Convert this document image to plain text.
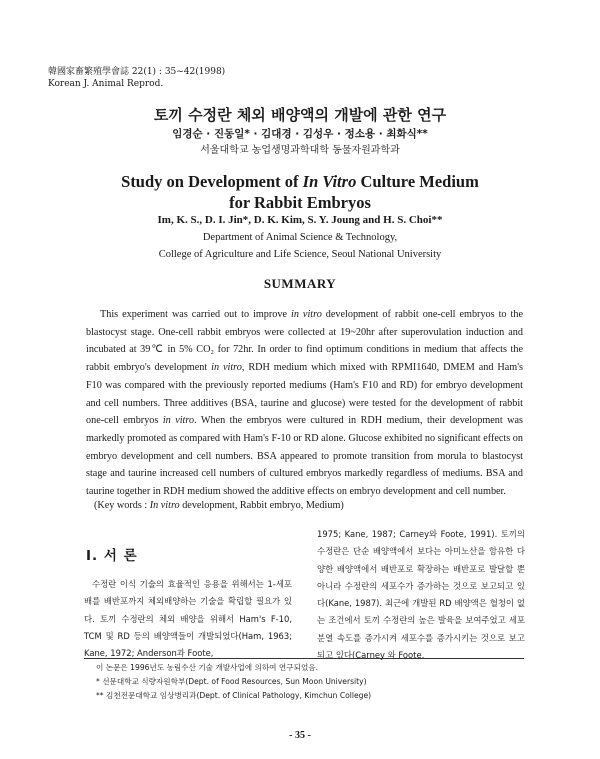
韓國家畜繁殖學會誌 22(1) : 35~42(1998)
Korean J. Animal Reprod.
토끼 수정란 체외 배양액의 개발에 관한 연구
임경순 · 진동일* · 김대경 · 김성우 · 정소용 · 최화식**
서울대학교 농업생명과학대학 동물자원과학과
Study on Development of In Vitro Culture Medium
for Rabbit Embryos
Im, K. S., D. I. Jin*, D. K. Kim, S. Y. Joung and H. S. Choi**
Department of Animal Science & Technology,
College of Agriculture and Life Science, Seoul National University
SUMMARY

This experiment was carried out to improve in vitro development of rabbit one-cell embryos to the blastocyst stage. One-cell rabbit embryos were collected at 19~20hr after superovulation induction and incubated at 39℃ in 5% CO₂ for 72hr. In order to find optimum conditions in medium that affects the rabbit embryo's development in vitro, RDH medium which mixed with RPMI1640, DMEM and Ham's F10 was compared with the previously reported mediums (Ham's F10 and RD) for embryo development and cell numbers. Three additives (BSA, taurine and glucose) were tested for the development of rabbit one-cell embryos in vitro. When the embryos were cultured in RDH medium, their development was markedly promoted as compared with Ham's F-10 or RD alone. Glucose exhibited no significant effects on embryo development and cell numbers. BSA appeared to promote transition from morula to blastocyst stage and taurine increased cell numbers of cultured embryos markedly regardless of mediums. BSA and taurine together in RDH medium showed the additive effects on embryo development and cell number.

(Key words : In vitro development, Rabbit embryo, Medium)
I. 서 론

수정란 이식 기술의 효율적인 응용을 위해서는 1-세포배를 배반포까지 체외배양하는 기술을 확립할 필요가 있다. 토끼 수정란의 체외 배양을 위해서 Ham's F-10, TCM 및 RD 등의 배양액들이 개발되었다(Ham, 1963; Kane, 1972; Anderson과 Foote,

1975; Kane, 1987; Carney와 Foote, 1991). 토끼의 수정란은 단순 배양액에서 보다는 아미노산을 함유한 다양한 배양액에서 배반포로 확장하는 배반포로 발달할 뿐 아니라 수정란의 세포수가 증가하는 것으로 보고되고 있다(Kane, 1987). 최근에 개발된 RD 배양액은 혈청이 없는 조건에서 토끼 수정란의 높은 발육을 보여주었고 세포분열 속도를 증가시켜 세포수를 증가시키는 것으로 보고되고 있다(Carney 와 Foote,

이 논문은 1996년도 농림수산 기술 개발사업에 의하여 연구되었음.
* 선문대학교 식량자원학부(Dept. of Food Resources, Sun Moon University)
** 김천전문대학교 임상병리과(Dept. of Clinical Pathology, Kimchun College)
- 35 -
